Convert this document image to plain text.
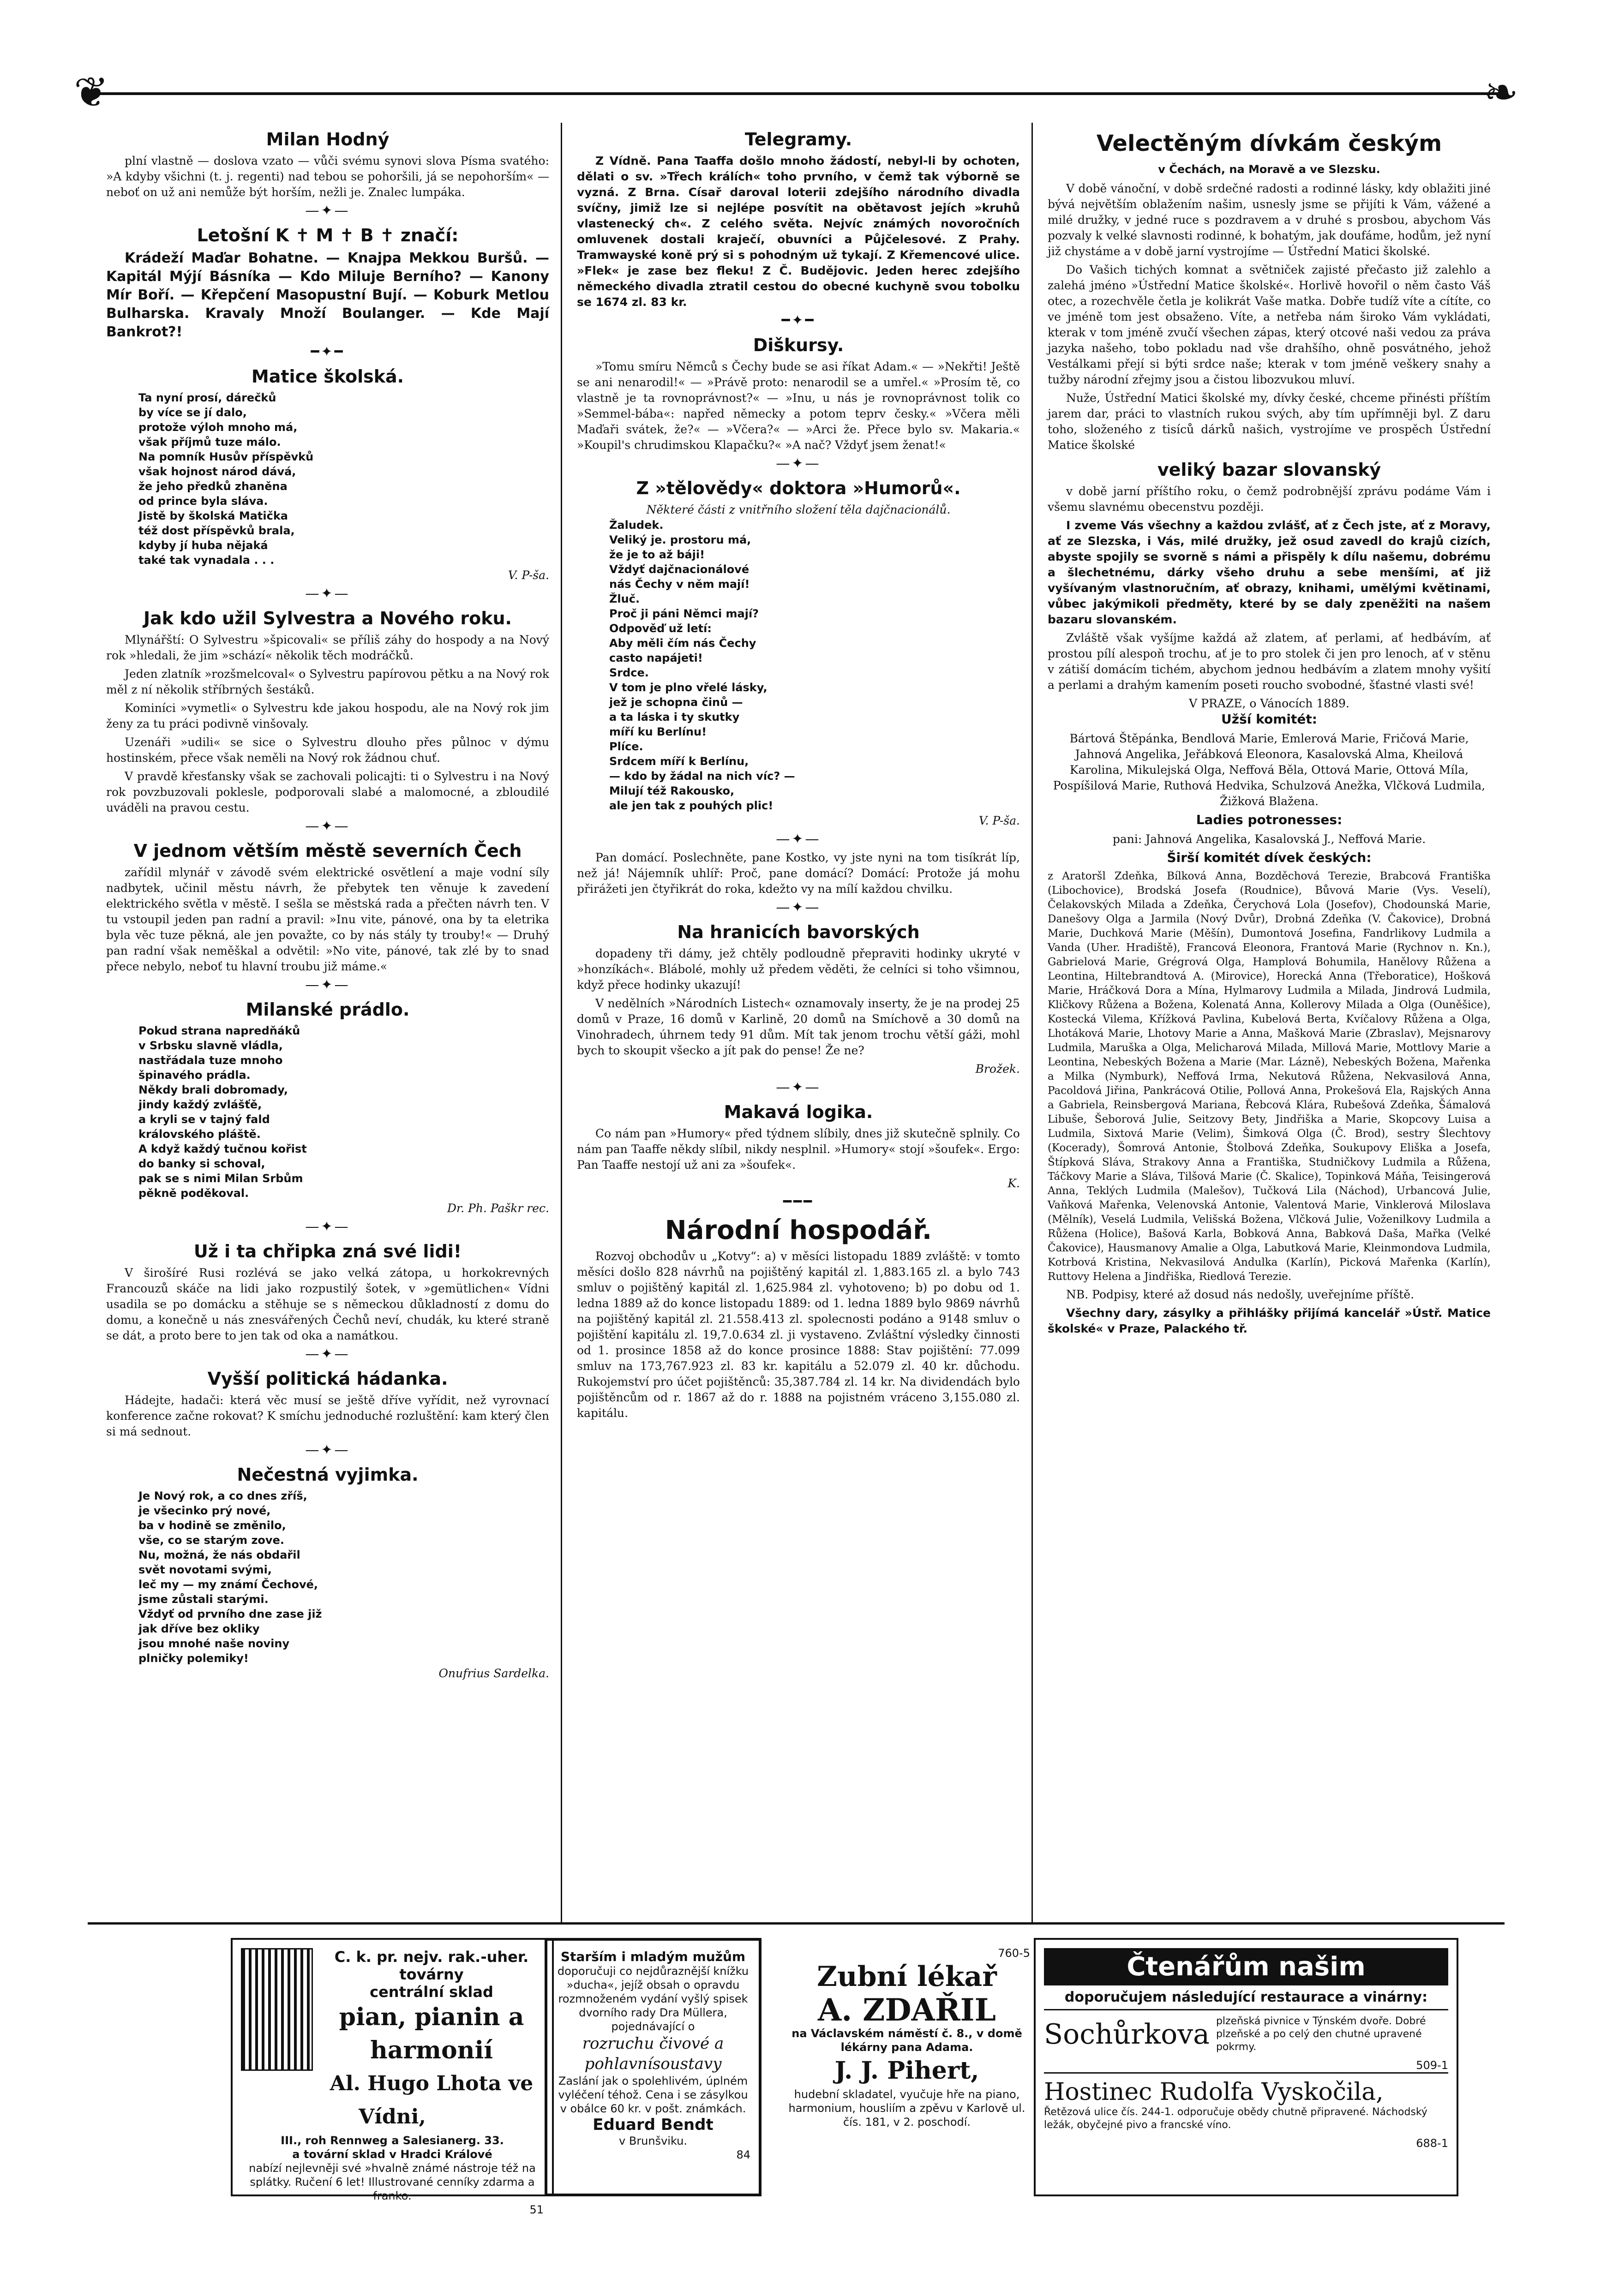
❦	❧
Milan Hodný

plní vlastně — doslova vzato — vůči svému synovi slova Písma svatého: »A kdyby všichni (t. j. regenti) nad tebou se pohoršili, já se nepohorším« — neboť on už ani nemůže být horším, nežli je. Znalec lumpáka.

—✦—
Letošní K ✝ M ✝ B ✝ značí:

Krádeží Maďar Bohatne. — Knajpa Mekkou Buršů. — Kapitál Mýjí Básníka — Kdo Miluje Berního? — Kanony Mír Boří. — Křepčení Masopustní Bují. — Koburk Metlou Bulharska. Kravaly Množí Boulanger. — Kde Mají Bankrot?!

━✦━
Matice školská.
Ta nyní prosí, dárečků
by více se jí dalo,
protože výloh mnoho má,
však příjmů tuze málo.
Na pomník Husův příspěvků
však hojnost národ dává,
že jeho předků zhaněna
od prince byla sláva.
Jistě by školská Matička
též dost příspěvků brala,
kdyby jí huba nějaká
také tak vynadala . . .
V. P-ša.
—✦—
Jak kdo užil Sylvestra a Nového roku.

Mlynářští: O Sylvestru »špicovali« se příliš záhy do hospody a na Nový rok »hledali, že jim »schází« několik těch modráčků.

Jeden zlatník »rozšmelcoval« o Sylvestru papírovou pětku a na Nový rok měl z ní několik stříbrných šestáků.

Kominíci »vymetli« o Sylvestru kde jakou hospodu, ale na Nový rok jim ženy za tu práci podivně vinšovaly.

Uzenáři »udili« se sice o Sylvestru dlouho přes půlnoc v dýmu hostinském, přece však neměli na Nový rok žádnou chuť.

V pravdě křesťansky však se zachovali policajti: ti o Sylvestru i na Nový rok povzbuzovali poklesle, podporovali slabé a malomocné, a zbloudilé uváděli na pravou cestu.

—✦—
V jednom větším městě severních Čech

zařídil mlynář v závodě svém elektrické osvětlení a maje vodní síly nadbytek, učinil městu návrh, že přebytek ten věnuje k zavedení elektrického světla v městě. I sešla se městská rada a přečten návrh ten. V tu vstoupil jeden pan radní a pravil: »Inu vite, pánové, ona by ta eletrika byla věc tuze pěkná, ale jen považte, co by nás stály ty trouby!« — Druhý pan radní však neměškal a odvětil: »No vite, pánové, tak zlé by to snad přece nebylo, neboť tu hlavní troubu již máme.«

—✦—
Milanské prádlo.
Pokud strana napredňáků
v Srbsku slavně vládla,
nastřádala tuze mnoho
špinavého prádla.
Někdy brali dobromady,
jindy každý zvlášťě,
a kryli se v tajný fald
královského pláště.
A když každý tučnou kořist
do banky si schoval,
pak se s nimi Milan Srbům
pěkně poděkoval.
Dr. Ph. Paškr rec.
—✦—
Už i ta chřipka zná své lidi!

V širošíré Rusi rozlévá se jako velká zátopa, u horkokrevných Francouzů skáče na lidi jako rozpustilý šotek, v »gemütlichen« Vídni usadila se po domácku a stěhuje se s německou důkladností z domu do domu, a konečně u nás znesvářených Čechů neví, chudák, ku které straně se dát, a proto bere to jen tak od oka a namátkou.

—✦—
Vyšší politická hádanka.

Hádejte, hadači: která věc musí se ještě dříve vyřídit, než vyrovnací konference začne rokovat? K smíchu jednoduché rozluštění: kam který člen si má sednout.

—✦—
Nečestná vyjimka.
Je Nový rok, a co dnes zříš,
je všecinko prý nové,
ba v hodině se změnilo,
vše, co se starým zove.
Nu, možná, že nás obdařil
svět novotami svými,
leč my — my známí Čechové,
jsme zůstali starými.
Vždyť od prvního dne zase již
jak dříve bez okliky
jsou mnohé naše noviny
plničky polemiky!
Onufrius Sardelka.
Telegramy.

Z Vídně. Pana Taaffa došlo mnoho žádostí, nebyl-li by ochoten, dělati o sv. »Třech králích« toho prvního, v čemž tak výborně se vyzná. Z Brna. Císař daroval loterii zdejšího národního divadla svíčny, jimiž lze si nejlépe posvítit na obětavost jejích »kruhů vlastenecký ch«. Z celého světa. Nejvíc známých novoročních omluvenek dostali kraječí, obuvníci a Půjčelesové. Z Prahy. Tramwayské koně prý si s pohodným už tykají. Z Křemencové ulice. »Flek« je zase bez fleku! Z Č. Budějovic. Jeden herec zdejšího německého divadla ztratil cestou do obecné kuchyně svou tobolku se 1674 zl. 83 kr.

━✦━
Diškursy.

»Tomu smíru Němců s Čechy bude se asi říkat Adam.« — »Nekřti! Ještě se ani nenarodil!« — »Právě proto: nenarodil se a umřel.« »Prosím tě, co vlastně je ta rovnoprávnost?« — »Inu, u nás je rovnoprávnost tolik co »Semmel-bába«: napřed německy a potom teprv česky.« »Včera měli Maďaři svátek, že?« — »Včera?« — »Arci že. Přece bylo sv. Makaria.« »Koupil's chrudimskou Klapačku?« »A nač? Vždyť jsem ženat!«

—✦—
Z »tělovědy« doktora »Humorů«.
Některé části z vnitřního složení těla dajčnacionálů.
Žaludek.
Veliký je. prostoru má,
že je to až báji!
Vždyť dajčnacionálové
nás Čechy v něm mají!
Žluč.
Proč ji páni Němci mají?
Odpověď už letí:
Aby měli čím nás Čechy
casto napájeti!
Srdce.
V tom je plno vřelé lásky,
jež je schopna činů —
a ta láska i ty skutky
míří ku Berlínu!
Plíce.
Srdcem míří k Berlínu,
— kdo by žádal na nich víc? —
Milují též Rakousko,
ale jen tak z pouhých plic!
V. P-ša.
—✦—

Pan domácí. Poslechněte, pane Kostko, vy jste nyni na tom tisíkrát líp, než já! Nájemník uhlíř: Proč, pane domácí? Domácí: Protože já mohu přirážeti jen čtyřikrát do roka, kdežto vy na mílí každou chvilku.

—✦—
Na hranicích bavorských

dopadeny tři dámy, jež chtěly podloudně přepraviti hodinky ukryté v »honzíkách«. Blábolé, mohly už předem věděti, že celníci si toho všimnou, když přece hodinky ukazují!

V nedělních »Národních Listech« oznamovaly inserty, že je na prodej 25 domů v Praze, 16 domů v Karlině, 20 domů na Smíchově a 30 domů na Vinohradech, úhrnem tedy 91 dům. Mít tak jenom trochu větší gáži, mohl bych to skoupit všecko a jít pak do pense! Že ne?

Brožek.
—✦—
Makavá logika.

Co nám pan »Humory« před týdnem slíbily, dnes již skutečně splnily. Co nám pan Taaffe někdy slíbil, nikdy nesplnil. »Humory« stojí »šoufek«. Ergo: Pan Taaffe nestojí už ani za »šoufek«.

K.
━━━
Národní hospodář.

Rozvoj obchodův u „Kotvy“: a) v měsíci listopadu 1889 zvláště: v tomto měsíci došlo 828 návrhů na pojištěný kapitál zl. 1,883.165 zl. a bylo 743 smluv o pojištěný kapitál zl. 1,625.984 zl. vyhotoveno; b) po dobu od 1. ledna 1889 až do konce listopadu 1889: od 1. ledna 1889 bylo 9869 návrhů na pojištěný kapitál zl. 21.558.413 zl. spolecnosti podáno a 9148 smluv o pojištění kapitálu zl. 19,7.0.634 zl. ji vystaveno. Zvláštní výsledky činnosti od 1. prosince 1858 až do konce prosince 1888: Stav pojištění: 77.099 smluv na 173,767.923 zl. 83 kr. kapitálu a 52.079 zl. 40 kr. důchodu. Rukojemství pro účet pojištěnců: 35,387.784 zl. 14 kr. Na dividendách bylo pojištěncům od r. 1867 až do r. 1888 na pojistném vráceno 3,155.080 zl. kapitálu.

Velectěným dívkám českým
v Čechách, na Moravě a ve Slezsku.

V době vánoční, v době srdečné radosti a rodinné lásky, kdy oblažiti jiné bývá největším oblažením našim, usnesly jsme se přijíti k Vám, vážené a milé družky, v jedné ruce s pozdravem a v druhé s prosbou, abychom Vás pozvaly k velké slavnosti rodinné, k bohatým, jak doufáme, hodům, jež nyní již chystáme a v době jarní vystrojíme — Ústřední Matici školské.

Do Vašich tichých komnat a světniček zajisté přečasto již zalehlo a zalehá jméno »Ústřední Matice školské«. Horlivě hovořil o něm často Váš otec, a rozechvěle četla je kolikrát Vaše matka. Dobře tudíž víte a cítíte, co ve jméně tom jest obsaženo. Víte, a netřeba nám široko Vám vykládati, kterak v tom jméně zvučí všechen zápas, který otcové naši vedou za práva jazyka našeho, tobo pokladu nad vše drahšího, ohně posvátného, jehož Vestálkami přejí si býti srdce naše; kterak v tom jméně veškery snahy a tužby národní zřejmy jsou a čistou libozvukou mluví.

Nuže, Ústřední Matici školské my, dívky české, chceme přinésti příštím jarem dar, práci to vlastních rukou svých, aby tím upřímněji byl. Z daru toho, složeného z tisíců dárků našich, vystrojíme ve prospěch Ústřední Matice školské

veliký bazar slovanský

v době jarní příštího roku, o čemž podrobnější zprávu podáme Vám i všemu slavnému obecenstvu později.

I zveme Vás všechny a každou zvlášť, ať z Čech jste, ať z Moravy, ať ze Slezska, i Vás, milé družky, jež osud zavedl do krajů cizích, abyste spojily se svorně s námi a přispěly k dílu našemu, dobrému a šlechetnému, dárky všeho druhu a sebe menšími, ať již vyšívaným vlastnoručním, ať obrazy, knihami, umělými květinami, vůbec jakýmikoli předměty, které by se daly zpeněžiti na našem bazaru slovanském.

Zvláště však vyšíjme každá až zlatem, ať perlami, ať hedbávím, ať prostou pílí alespoň trochu, ať je to pro stolek či jen pro lenoch, ať v stěnu v zátiší domácím tichém, abychom jednou hedbávím a zlatem mnohy vyšití a perlami a drahým kamením poseti roucho svobodné, šťastné vlasti své!

V PRAZE, o Vánocích 1889.
Užší komitét:

Bártová Štěpánka, Bendlová Marie, Emlerová Marie, Fričová Marie, Jahnová Angelika, Jeřábková Eleonora, Kasalovská Alma, Kheilová Karolina, Mikulejská Olga, Neffová Běla, Ottová Marie, Ottová Míla, Pospíšilová Marie, Ruthová Hedvika, Schulzová Anežka, Vlčková Ludmila, Žižková Blažena.

Ladies potronesses:

pani: Jahnová Angelika, Kasalovská J., Neffová Marie.

Širší komitét dívek českých:

z Aratoršl Zdeňka, Bílková Anna, Bozděchová Terezie, Brabcová Františka (Libochovice), Brodská Josefa (Roudnice), Bůvová Marie (Vys. Veselí), Čelakovských Milada a Zdeňka, Čerychová Lola (Josefov), Chodounská Marie, Danešovy Olga a Jarmila (Nový Dvůr), Drobná Zdeňka (V. Čakovice), Drobná Marie, Duchková Marie (Měšín), Dumontová Josefina, Fandrlikovy Ludmila a Vanda (Uher. Hradiště), Francová Eleonora, Frantová Marie (Rychnov n. Kn.), Gabrielová Marie, Grégrová Olga, Hamplová Bohumila, Hanělovy Růžena a Leontina, Hiltebrandtová A. (Mirovice), Horecká Anna (Třeboratice), Hošková Marie, Hráčková Dora a Mína, Hylmarovy Ludmila a Milada, Jindrová Ludmila, Kličkovy Růžena a Božena, Kolenatá Anna, Kollerovy Milada a Olga (Ouněšice), Kostecká Vilema, Křížková Pavlina, Kubelová Berta, Kvíčalovy Růžena a Olga, Lhotáková Marie, Lhotovy Marie a Anna, Mašková Marie (Zbraslav), Mejsnarovy Ludmila, Maruška a Olga, Melicharová Milada, Millová Marie, Mottlovy Marie a Leontina, Nebeských Božena a Marie (Mar. Lázně), Nebeských Božena, Mařenka a Milka (Nymburk), Neffová Irma, Nekutová Růžena, Nekvasilová Anna, Pacoldová Jiřina, Pankrácová Otilie, Pollová Anna, Prokešová Ela, Rajských Anna a Gabriela, Reinsbergová Mariana, Řebcová Klára, Rubešová Zdeňka, Šámalová Libuše, Šeborová Julie, Seitzovy Bety, Jindřiška a Marie, Skopcovy Luisa a Ludmila, Sixtová Marie (Velim), Šimková Olga (Č. Brod), sestry Šlechtovy (Kocerady), Šomrová Antonie, Štolbová Zdeňka, Soukupovy Eliška a Josefa, Štípková Sláva, Strakovy Anna a Františka, Studničkovy Ludmila a Růžena, Táčkovy Marie a Sláva, Tilšová Marie (Č. Skalice), Topinková Máňa, Teisingerová Anna, Teklých Ludmila (Malešov), Tučková Lila (Náchod), Urbancová Julie, Vaňková Mařenka, Velenovská Antonie, Valentová Marie, Vinklerová Miloslava (Mělník), Veselá Ludmila, Velišská Božena, Vlčková Julie, Voženilkovy Ludmila a Růžena (Holice), Bašová Karla, Bobková Anna, Babková Daša, Mařka (Velké Čakovice), Hausmanovy Amalie a Olga, Labutková Marie, Kleinmondova Ludmila, Kotrbová Kristina, Nekvasilová Andulka (Karlín), Picková Mařenka (Karlín), Ruttovy Helena a Jindřiška, Riedlová Terezie.

NB. Podpisy, které až dosud nás nedošly, uveřejníme příště.

Všechny dary, zásylky a přihlášky přijímá kancelář »Ústř. Matice školské« v Praze, Palackého tř.

C. k. pr. nejv. rak.-uher. továrny
centrální sklad
pian, pianin a harmonií
Al. Hugo Lhota ve Vídni,
III., roh Rennweg a Salesianerg. 33.
a tovární sklad v Hradci Králové
nabízí nejlevněji své »hvalně známé nástroje též na splátky. Ručení 6 let! Illustrované cenníky zdarma a franko.
51
Starším i mladým mužům
doporučuji co nejdůraznější knížku »ducha«, jejíž obsah o opravdu rozmnoženém vydání vyšlý spisek dvorního rady Dra Müllera, pojednávající o
rozruchu čivové a pohlavnísoustavy
Zaslání jak o spolehlivém, úplném vyléčení téhož. Cena i se zásylkou v obálce 60 kr. v pošt. známkách.
Eduard Bendt
v Brunšviku.
84
760-5
Zubní lékař
A. ZDAŘIL
na Václavském náměstí č. 8., v domě lékárny pana Adama.
J. J. Pihert,
hudební skladatel, vyučuje hře na piano, harmonium, housliím a zpěvu v Karlově ul. čís. 181, v 2. poschodí.
Čtenářům našim
doporučujem následující restaurace a vinárny:
Sochůrkova plzeňská pivnice v Týnském dvoře. Dobré plzeňské a po celý den chutné upravené pokrmy.
509-1
Hostinec Rudolfa Vyskočila,
Řetězová ulice čís. 244-1. odporučuje obědy chutně připravené. Náchodský ležák, obyčejné pivo a francské víno.
688-1
